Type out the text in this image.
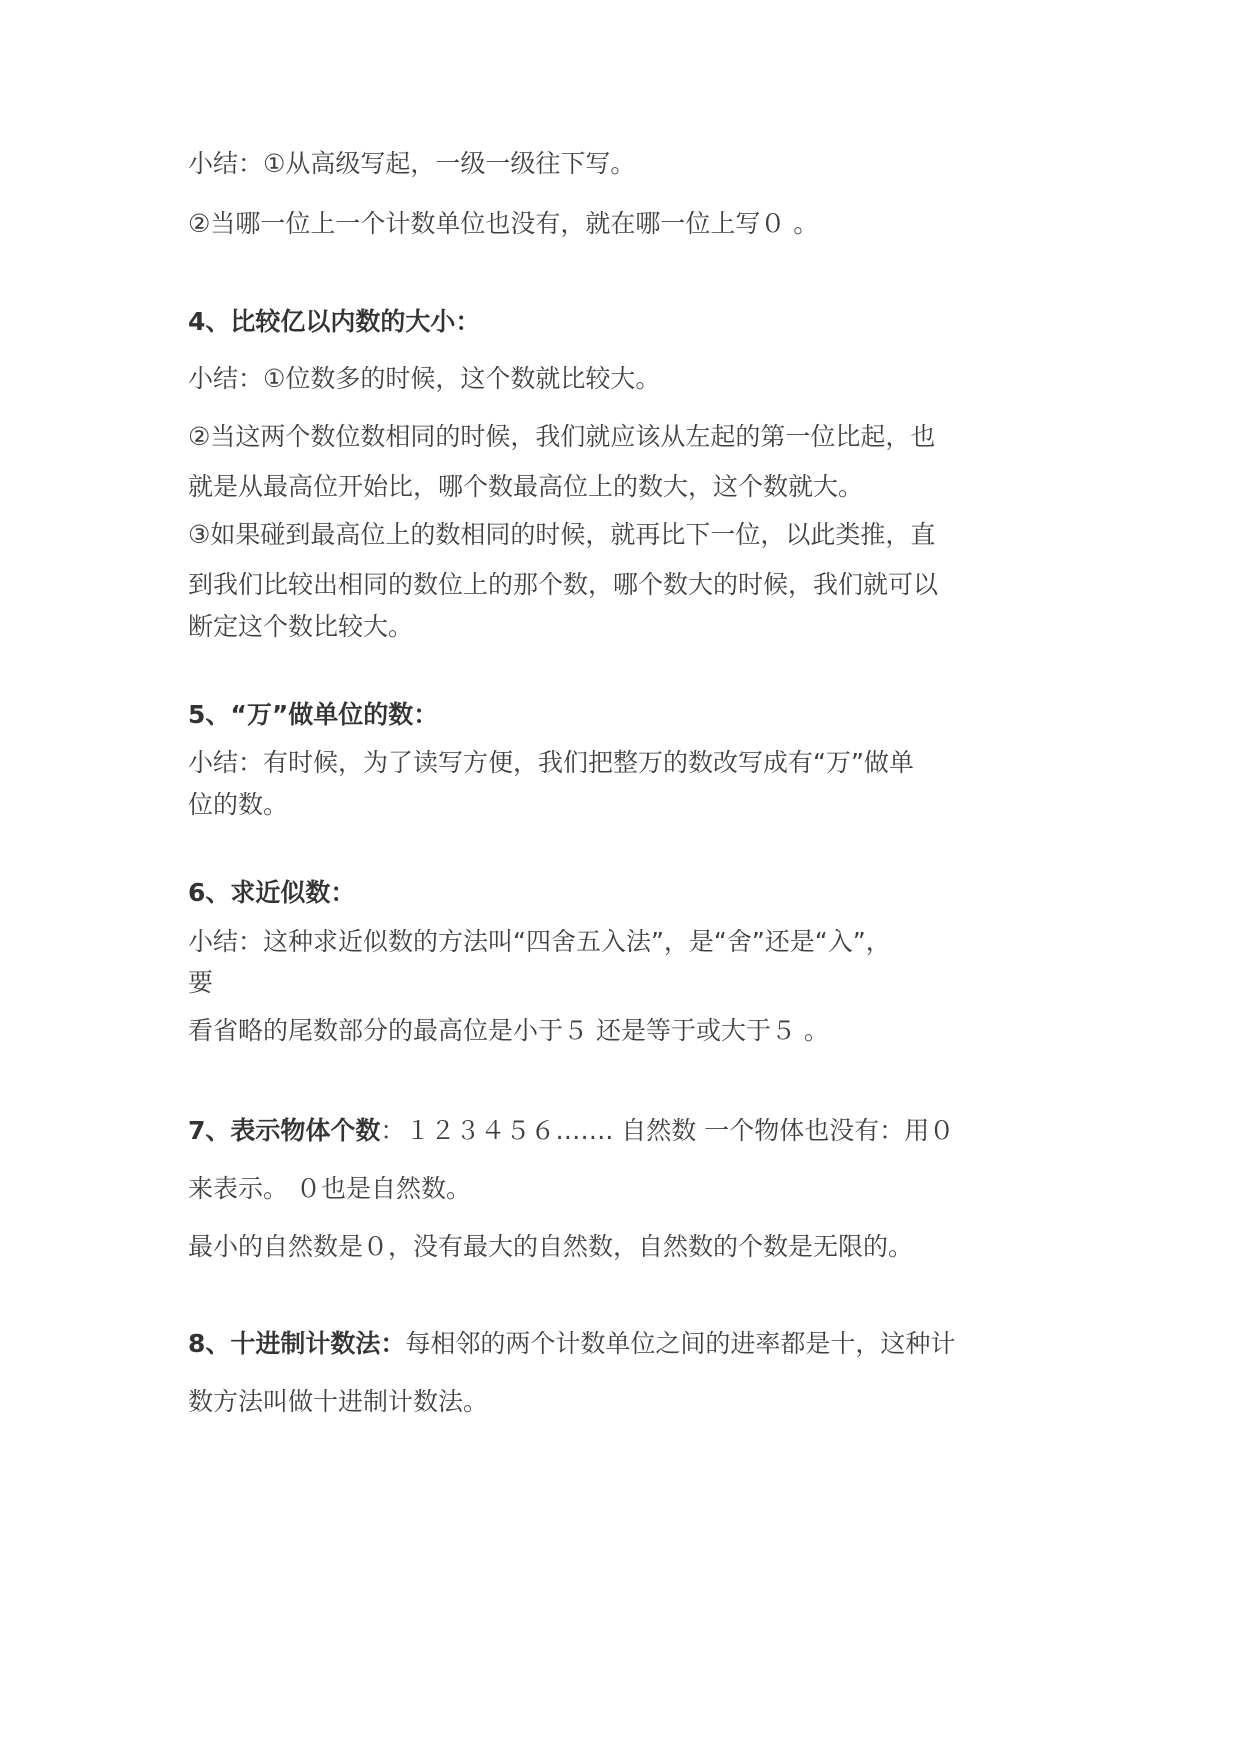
小结：①从高级写起，一级一级往下写。
②当哪一位上一个计数单位也没有，就在哪一位上写０ 。
4、比较亿以内数的大小：
小结：①位数多的时候，这个数就比较大。
②当这两个数位数相同的时候，我们就应该从左起的第一位比起，也
就是从最高位开始比，哪个数最高位上的数大，这个数就大。
③如果碰到最高位上的数相同的时候，就再比下一位，以此类推，直
到我们比较出相同的数位上的那个数，哪个数大的时候，我们就可以
断定这个数比较大。
5、“万”做单位的数：
小结：有时候，为了读写方便，我们把整万的数改写成有“万”做单
位的数。
6、求近似数：
小结：这种求近似数的方法叫“四舍五入法”，是“舍”还是“入”，
要
看省略的尾数部分的最高位是小于５ 还是等于或大于５ 。
7、表示物体个数：１２３４５６……. 自然数 一个物体也没有：用０
来表示。 ０也是自然数。
最小的自然数是０，没有最大的自然数，自然数的个数是无限的。
8、十进制计数法：每相邻的两个计数单位之间的进率都是十，这种计
数方法叫做十进制计数法。
